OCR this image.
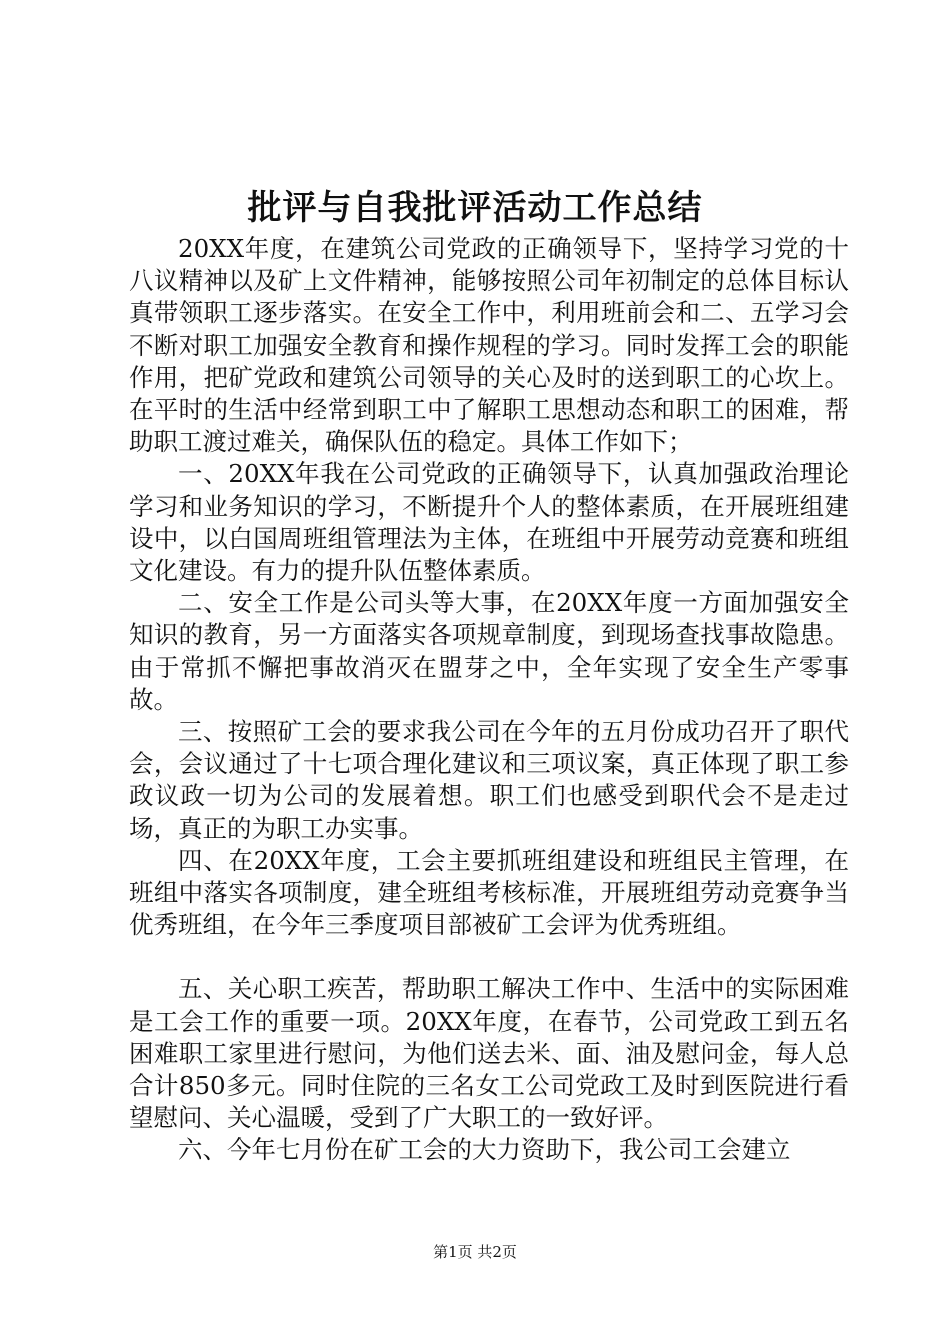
批评与自我批评活动工作总结

20XX年度，在建筑公司党政的正确领导下，坚持学习党的十八议精神以及矿上文件精神，能够按照公司年初制定的总体目标认真带领职工逐步落实。在安全工作中，利用班前会和二、五学习会不断对职工加强安全教育和操作规程的学习。同时发挥工会的职能作用，把矿党政和建筑公司领导的关心及时的送到职工的心坎上。在平时的生活中经常到职工中了解职工思想动态和职工的困难，帮助职工渡过难关，确保队伍的稳定。具体工作如下；

一、20XX年我在公司党政的正确领导下，认真加强政治理论学习和业务知识的学习，不断提升个人的整体素质，在开展班组建设中，以白国周班组管理法为主体，在班组中开展劳动竞赛和班组文化建设。有力的提升队伍整体素质。

二、安全工作是公司头等大事，在20XX年度一方面加强安全知识的教育，另一方面落实各项规章制度，到现场查找事故隐患。由于常抓不懈把事故消灭在盟芽之中，全年实现了安全生产零事故。

三、按照矿工会的要求我公司在今年的五月份成功召开了职代会，会议通过了十七项合理化建议和三项议案，真正体现了职工参政议政一切为公司的发展着想。职工们也感受到职代会不是走过场，真正的为职工办实事。

四、在20XX年度，工会主要抓班组建设和班组民主管理，在班组中落实各项制度，建全班组考核标准，开展班组劳动竞赛争当优秀班组，在今年三季度项目部被矿工会评为优秀班组。

五、关心职工疾苦，帮助职工解决工作中、生活中的实际困难是工会工作的重要一项。20XX年度，在春节，公司党政工到五名困难职工家里进行慰问，为他们送去米、面、油及慰问金，每人总合计850多元。同时住院的三名女工公司党政工及时到医院进行看望慰问、关心温暖，受到了广大职工的一致好评。

六、今年七月份在矿工会的大力资助下，我公司工会建立

第1页 共2页
